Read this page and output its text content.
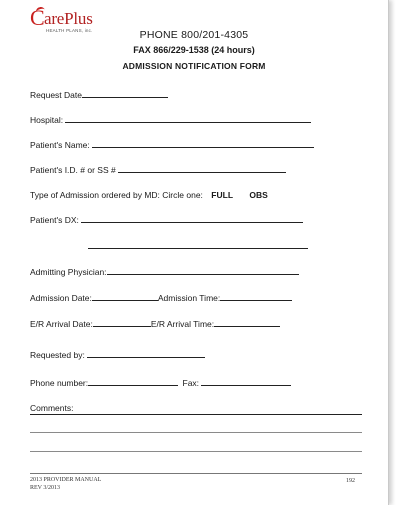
C arePlus
HEALTH PLANS, inc.	PHONE 800/201-4305
FAX 866/229-1538 (24 hours)
ADMISSION NOTIFICATION FORM
Request Date
Hospital:
Patient's Name:
Patient's I.D. # or SS #
Type of Admission ordered by MD: Circle one: FULL OBS
Patient's DX:
Admitting Physician:
Admission Date:	Admission Time:
E/R Arrival Date:	E/R Arrival Time:
Requested by:
Phone number:	Fax:
Comments:
2013 PROVIDER MANUAL
REV 3/2013
192
